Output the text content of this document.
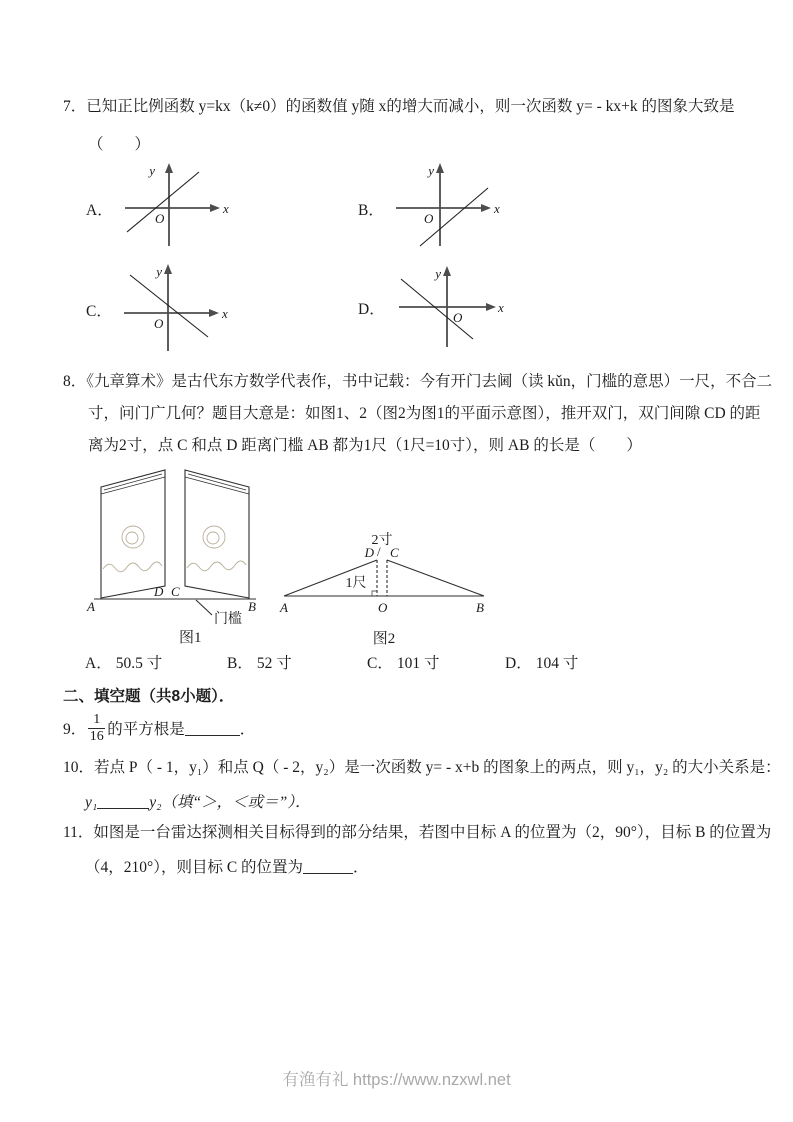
7．已知正比例函数 y=kx（k≠0）的函数值 y随 x的增大而减小，则一次函数 y= - kx+k 的图象大致是
（　　）
A．
y
x
O	B．
y
x
O
C．
y
x
O
D．
y
x
O
8．《九章算术》是古代东方数学代表作，书中记载：今有开门去阃（读 kǔn，门槛的意思）一尺，不合二
寸，问门广几何？题目大意是：如图1、2（图2为图1的平面示意图），推开双门，双门间隙 CD 的距
离为2寸，点 C 和点 D 距离门槛 AB 都为1尺（1尺=10寸），则 AB 的长是（　　）
A
D C
B
门槛
图1
2寸
D / C
1尺
A	O	B
图2
A． 50.5 寸	B． 52 寸	C． 101 寸	D． 104 寸
二、填空题（共8小题）．
9． $\frac{1}{16}$ 的平方根是	．
10．若点 P（ - 1，y₁）和点 Q（ - 2，y₂）是一次函数 y= - x+b 的图象上的两点，则 y₁，y₂ 的大小关系是：
y₁	y₂（填“＞，＜或＝”）．
11．如图是一台雷达探测相关目标得到的部分结果，若图中目标 A 的位置为（2，90°），目标 B 的位置为
（4，210°），则目标 C 的位置为	．
有渔有礼 https://www.nzxwl.net
